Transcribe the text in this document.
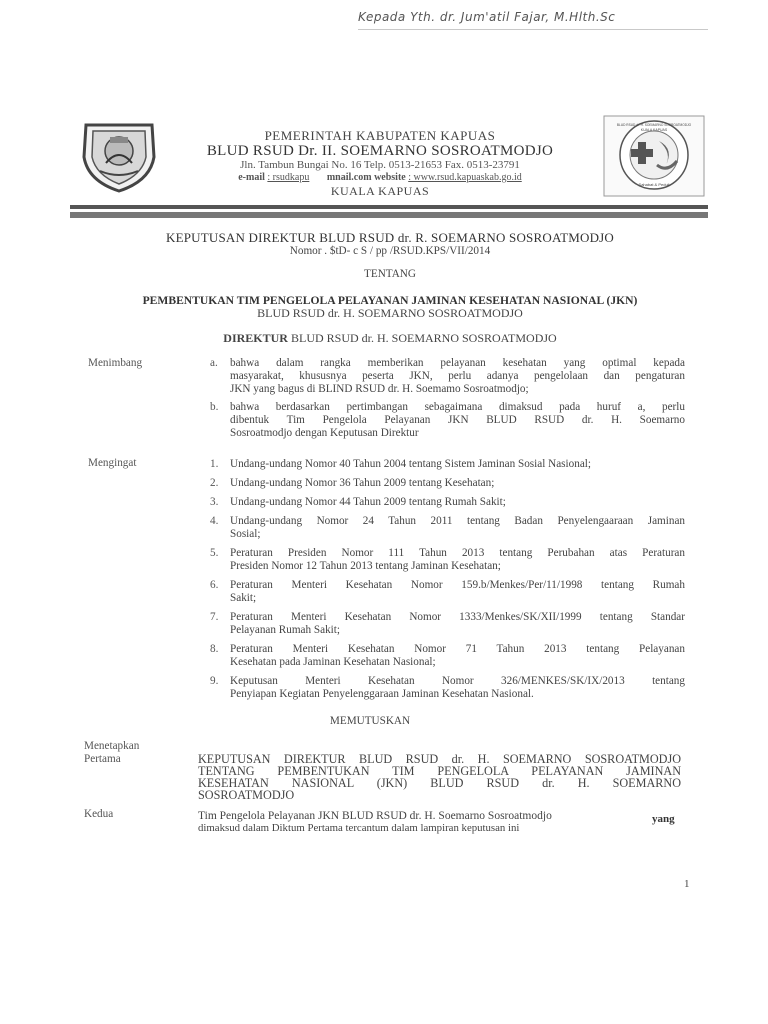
Kepada Yth. dr. Jum'atil Fajar, M.Hlth.Sc
PEMERINTAH KABUPATEN KAPUAS
BLUD RSUD Dr. II. SOEMARNO SOSROATMODJO
Jln. Tambun Bungai No. 16 Telp. 0513-21653 Fax. 0513-23791
e-mail : rsudkapu mnail.com website : www.rsud.kapuaskab.go.id
KUALA KAPUAS
BLUD RSUD dr. H. SOEMARNO SOSROATMODJO
KUALA KAPUAS
Sahabat & Peduli
KEPUTUSAN DIREKTUR BLUD RSUD dr. R. SOEMARNO SOSROATMODJO
Nomor . $tD- c S / pp /RSUD.KPS/VII/2014
TENTANG
PEMBENTUKAN TIM PENGELOLA PELAYANAN JAMINAN KESEHATAN NASIONAL (JKN)
BLUD RSUD dr. H. SOEMARNO SOSROATMODJO
DIREKTUR BLUD RSUD dr. H. SOEMARNO SOSROATMODJO
Menimbang	a. bahwa dalam rangka memberikan pelayanan kesehatan yang optimal kepada
masyarakat, khususnya peserta JKN, perlu adanya pengelolaan dan pengaturan
JKN yang bagus di BLIND RSUD dr. H. Soemamo Sosroatmodjo;
b. bahwa berdasarkan pertimbangan sebagaimana dimaksud pada huruf a, perlu
dibentuk Tim Pengelola Pelayanan JKN BLUD RSUD dr. H. Soemarno
Sosroatmodjo dengan Keputusan Direktur
Mengingat	1. Undang-undang Nomor 40 Tahun 2004 tentang Sistem Jaminan Sosial Nasional;
2. Undang-undang Nomor 36 Tahun 2009 tentang Kesehatan;
3. Undang-undang Nomor 44 Tahun 2009 tentang Rumah Sakit;
4. Undang-undang Nomor 24 Tahun 2011 tentang Badan Penyelengaaraan Jaminan
Sosial;
5. Peraturan Presiden Nomor 111 Tahun 2013 tentang Perubahan atas Peraturan
Presiden Nomor 12 Tahun 2013 tentang Jaminan Kesehatan;
6. Peraturan Menteri Kesehatan Nomor 159.b/Menkes/Per/11/1998 tentang Rumah
Sakit;
7. Peraturan Menteri Kesehatan Nomor 1333/Menkes/SK/XII/1999 tentang Standar
Pelayanan Rumah Sakit;
8. Peraturan Menteri Kesehatan Nomor 71 Tahun 2013 tentang Pelayanan
Kesehatan pada Jaminan Kesehatan Nasional;
9. Keputusan Menteri Kesehatan Nomor 326/MENKES/SK/IX/2013 tentang
Penyiapan Kegiatan Penyelenggaraan Jaminan Kesehatan Nasional.
MEMUTUSKAN
Menetapkan
Pertama	KEPUTUSAN DIREKTUR BLUD RSUD dr. H. SOEMARNO SOSROATMODJO
TENTANG PEMBENTUKAN TIM PENGELOLA PELAYANAN JAMINAN
KESEHATAN NASIONAL (JKN) BLUD RSUD dr. H. SOEMARNO
SOSROATMODJO
Kedua	Tim Pengelola Pelayanan JKN BLUD RSUD dr. H. Soemarno Sosroatmodjo	yang
dimaksud dalam Diktum Pertama tercantum dalam lampiran keputusan ini
1
